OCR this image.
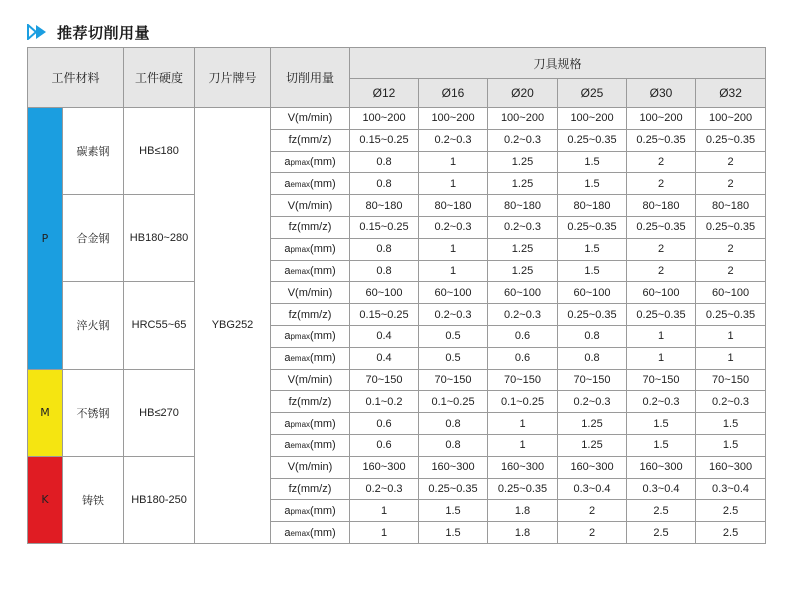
推荐切削用量
工件材料		工件硬度	刀片牌号	切削用量	刀具规格					
					Ø12	Ø16	Ø20	Ø25	Ø30	Ø32
P	碳素钢	HB≤180	YBG252	V(m/min)	100~200	100~200	100~200	100~200	100~200	100~200
				fz(mm/z)	0.15~0.25	0.2~0.3	0.2~0.3	0.25~0.35	0.25~0.35	0.25~0.35
				apmax(mm)	0.8	1	1.25	1.5	2	2
				aemax(mm)	0.8	1	1.25	1.5	2	2
	合金钢	HB180~280		V(m/min)	80~180	80~180	80~180	80~180	80~180	80~180
				fz(mm/z)	0.15~0.25	0.2~0.3	0.2~0.3	0.25~0.35	0.25~0.35	0.25~0.35
				apmax(mm)	0.8	1	1.25	1.5	2	2
				aemax(mm)	0.8	1	1.25	1.5	2	2
	淬火钢	HRC55~65		V(m/min)	60~100	60~100	60~100	60~100	60~100	60~100
				fz(mm/z)	0.15~0.25	0.2~0.3	0.2~0.3	0.25~0.35	0.25~0.35	0.25~0.35
				apmax(mm)	0.4	0.5	0.6	0.8	1	1
				aemax(mm)	0.4	0.5	0.6	0.8	1	1
M	不锈钢	HB≤270		V(m/min)	70~150	70~150	70~150	70~150	70~150	70~150
				fz(mm/z)	0.1~0.2	0.1~0.25	0.1~0.25	0.2~0.3	0.2~0.3	0.2~0.3
				apmax(mm)	0.6	0.8	1	1.25	1.5	1.5
				aemax(mm)	0.6	0.8	1	1.25	1.5	1.5
K	铸铁	HB180-250		V(m/min)	160~300	160~300	160~300	160~300	160~300	160~300
				fz(mm/z)	0.2~0.3	0.25~0.35	0.25~0.35	0.3~0.4	0.3~0.4	0.3~0.4
				apmax(mm)	1	1.5	1.8	2	2.5	2.5
				aemax(mm)	1	1.5	1.8	2	2.5	2.5
